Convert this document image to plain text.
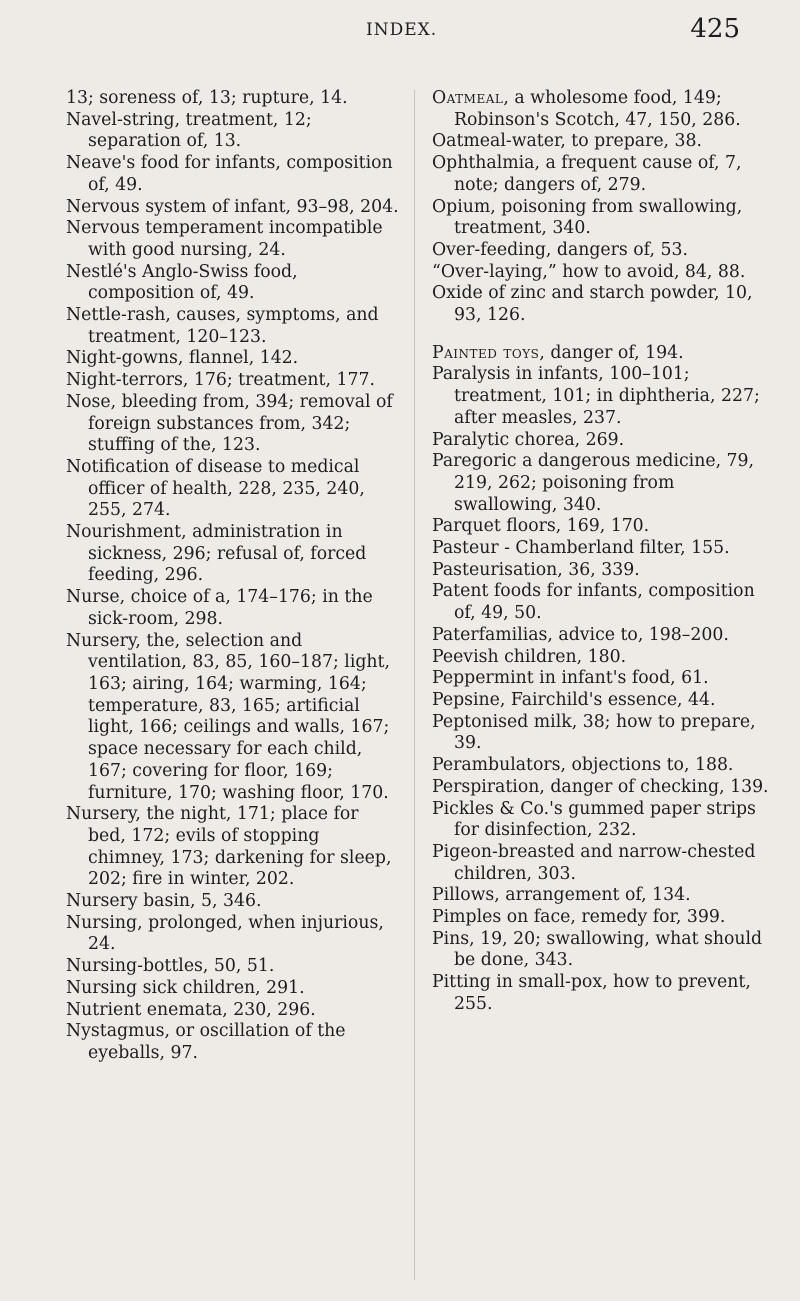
INDEX.	425

13; soreness of, 13; rupture, 14.

Navel-string, treatment, 12; separation of, 13.

Neave's food for infants, composition of, 49.

Nervous system of infant, 93–98, 204.

Nervous temperament incompatible with good nursing, 24.

Nestlé's Anglo-Swiss food, composition of, 49.

Nettle-rash, causes, symptoms, and treatment, 120–123.

Night-gowns, flannel, 142.

Night-terrors, 176; treatment, 177.

Nose, bleeding from, 394; removal of foreign substances from, 342; stuffing of the, 123.

Notification of disease to medical officer of health, 228, 235, 240, 255, 274.

Nourishment, administration in sickness, 296; refusal of, forced feeding, 296.

Nurse, choice of a, 174–176; in the sick-room, 298.

Nursery, the, selection and ventilation, 83, 85, 160–187; light, 163; airing, 164; warming, 164; temperature, 83, 165; artificial light, 166; ceilings and walls, 167; space necessary for each child, 167; covering for floor, 169; furniture, 170; washing floor, 170.

Nursery, the night, 171; place for bed, 172; evils of stopping chimney, 173; darkening for sleep, 202; fire in winter, 202.

Nursery basin, 5, 346.

Nursing, prolonged, when injurious, 24.

Nursing-bottles, 50, 51.

Nursing sick children, 291.

Nutrient enemata, 230, 296.

Nystagmus, or oscillation of the eyeballs, 97.

Oatmeal, a wholesome food, 149; Robinson's Scotch, 47, 150, 286.

Oatmeal-water, to prepare, 38.

Ophthalmia, a frequent cause of, 7, note; dangers of, 279.

Opium, poisoning from swallowing, treatment, 340.

Over-feeding, dangers of, 53.

“Over-laying,” how to avoid, 84, 88.

Oxide of zinc and starch powder, 10, 93, 126.

Painted toys, danger of, 194.

Paralysis in infants, 100–101; treatment, 101; in diphtheria, 227; after measles, 237.

Paralytic chorea, 269.

Paregoric a dangerous medicine, 79, 219, 262; poisoning from swallowing, 340.

Parquet floors, 169, 170.

Pasteur - Chamberland filter, 155.

Pasteurisation, 36, 339.

Patent foods for infants, composition of, 49, 50.

Paterfamilias, advice to, 198–200.

Peevish children, 180.

Peppermint in infant's food, 61.

Pepsine, Fairchild's essence, 44.

Peptonised milk, 38; how to prepare, 39.

Perambulators, objections to, 188.

Perspiration, danger of checking, 139.

Pickles & Co.'s gummed paper strips for disinfection, 232.

Pigeon-breasted and narrow-chested children, 303.

Pillows, arrangement of, 134.

Pimples on face, remedy for, 399.

Pins, 19, 20; swallowing, what should be done, 343.

Pitting in small-pox, how to prevent, 255.
